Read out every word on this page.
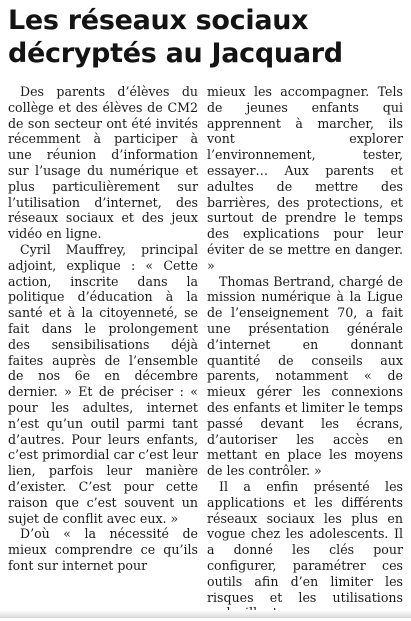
Les réseaux sociaux
décryptés au Jacquard

Des parents d’élèves du collège et des élèves de CM2 de son secteur ont été invités récemment à participer à une réunion d’information sur l’usage du numérique et plus particulièrement sur l’utilisation d’internet, des réseaux sociaux et des jeux vidéo en ligne.

Cyril Mauffrey, principal adjoint, explique : « Cette action, inscrite dans la politique d’éducation à la santé et à la citoyenneté, se fait dans le prolongement des sensibilisations déjà faites auprès de l’ensemble de nos 6e en décembre dernier. » Et de préciser : « pour les adultes, internet n’est qu’un outil parmi tant d’autres. Pour leurs enfants, c’est primordial car c’est leur lien, parfois leur manière d’exister. C’est pour cette raison que c’est souvent un sujet de conflit avec eux. »

D’où « la nécessité de mieux comprendre ce qu’ils font sur internet pour

mieux les accompagner. Tels de jeunes enfants qui apprennent à marcher, ils vont explorer l’environnement, tester, essayer… Aux parents et adultes de mettre des barrières, des protections, et surtout de prendre le temps des explications pour leur éviter de se mettre en danger. »

Thomas Bertrand, chargé de mission numérique à la Ligue de l’enseignement 70, a fait une présentation générale d’internet en donnant quantité de conseils aux parents, notamment « de mieux gérer les connexions des enfants et limiter le temps passé devant les écrans, d’autoriser les accès en mettant en place les moyens de les contrôler. »

Il a enfin présenté les applications et les différents réseaux sociaux les plus en vogue chez les adolescents. Il a donné les clés pour configurer, paramétrer ces outils afin d’en limiter les risques et les utilisations
